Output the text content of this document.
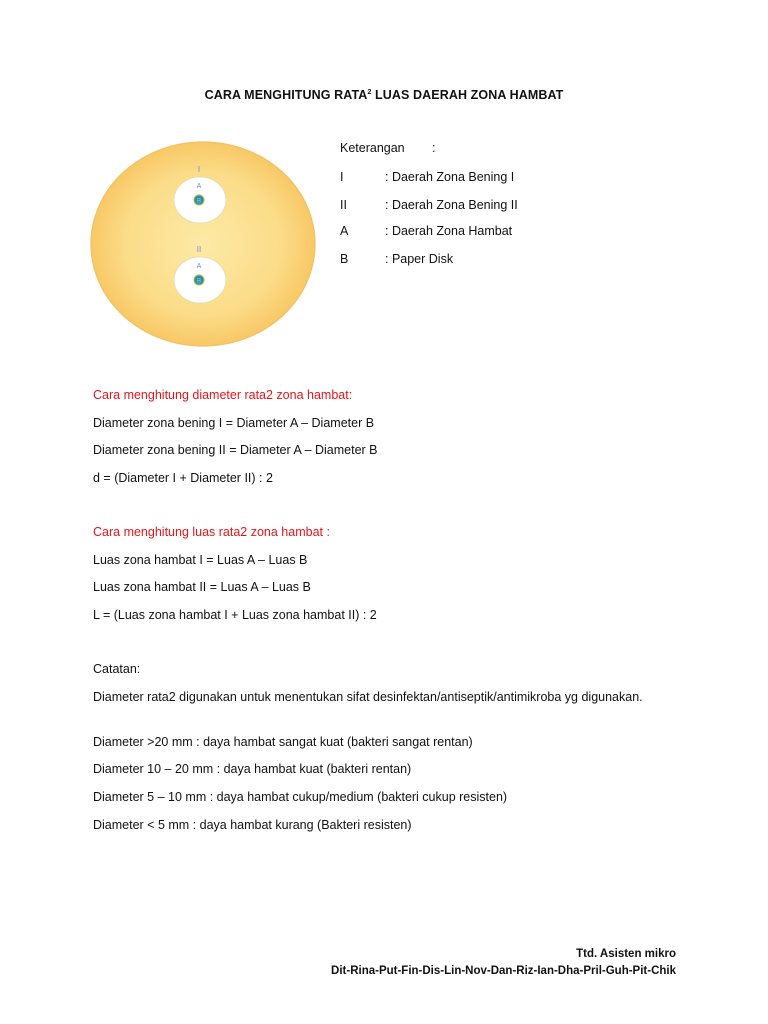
CARA MENGHITUNG RATA$^2$ LUAS DAERAH ZONA HAMBAT
I
A
B
II
A
B
Keterangan :
I	: Daerah Zona Bening I
II	: Daerah Zona Bening II
A	: Daerah Zona Hambat
B	: Paper Disk
Cara menghitung diameter rata2 zona hambat:
Diameter zona bening I = Diameter A – Diameter B
Diameter zona bening II = Diameter A – Diameter B
d = (Diameter I + Diameter II) : 2
Cara menghitung luas rata2 zona hambat :
Luas zona hambat I = Luas A – Luas B
Luas zona hambat II = Luas A – Luas B
L = (Luas zona hambat I + Luas zona hambat II) : 2
Catatan:
Diameter rata2 digunakan untuk menentukan sifat desinfektan/antiseptik/antimikroba yg digunakan.
Diameter >20 mm : daya hambat sangat kuat (bakteri sangat rentan)
Diameter 10 – 20 mm : daya hambat kuat (bakteri rentan)
Diameter 5 – 10 mm : daya hambat cukup/medium (bakteri cukup resisten)
Diameter < 5 mm : daya hambat kurang (Bakteri resisten)
Ttd. Asisten mikro
Dit-Rina-Put-Fin-Dis-Lin-Nov-Dan-Riz-Ian-Dha-Pril-Guh-Pit-Chik
